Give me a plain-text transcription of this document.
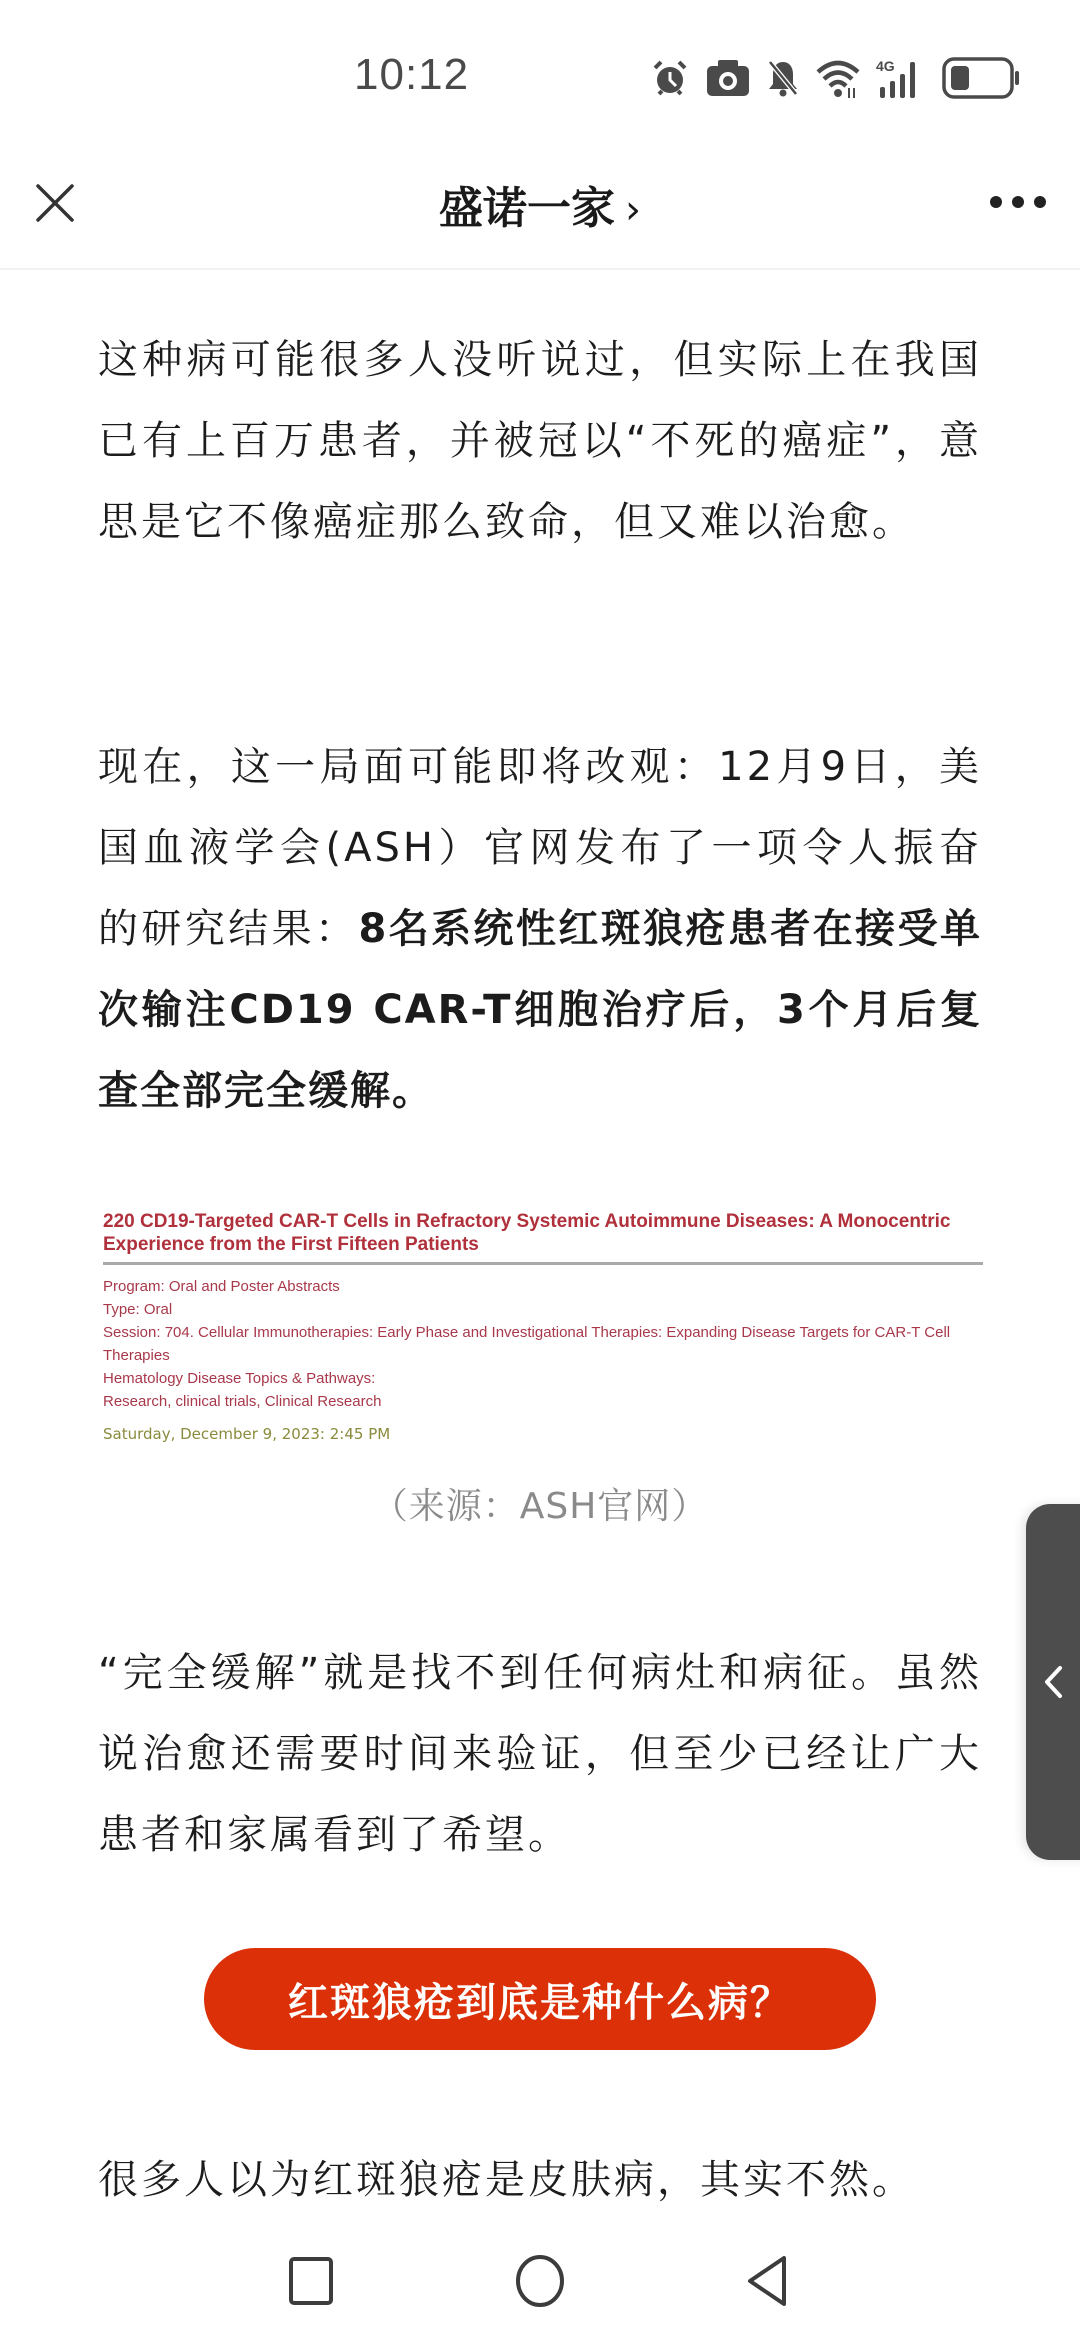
10:12	4G
盛诺一家 ›

这种病可能很多人没听说过，但实际上在我国已有上百万患者，并被冠以“不死的癌症”，意思是它不像癌症那么致命，但又难以治愈。

现在，这一局面可能即将改观：12月9日，美国血液学会(ASH）官网发布了一项令人振奋的研究结果：8名系统性红斑狼疮患者在接受单次输注CD19 CAR-T细胞治疗后，3个月后复查全部完全缓解。

220 CD19-Targeted CAR-T Cells in Refractory Systemic Autoimmune Diseases: A Monocentric Experience from the First Fifteen Patients
Program: Oral and Poster Abstracts
Type: Oral
Session: 704. Cellular Immunotherapies: Early Phase and Investigational Therapies: Expanding Disease Targets for CAR-T Cell Therapies
Hematology Disease Topics & Pathways:
Research, clinical trials, Clinical Research
Saturday, December 9, 2023: 2:45 PM
（来源：ASH官网）

“完全缓解”就是找不到任何病灶和病征。虽然说治愈还需要时间来验证，但至少已经让广大患者和家属看到了希望。

红斑狼疮到底是种什么病？

很多人以为红斑狼疮是皮肤病，其实不然。
